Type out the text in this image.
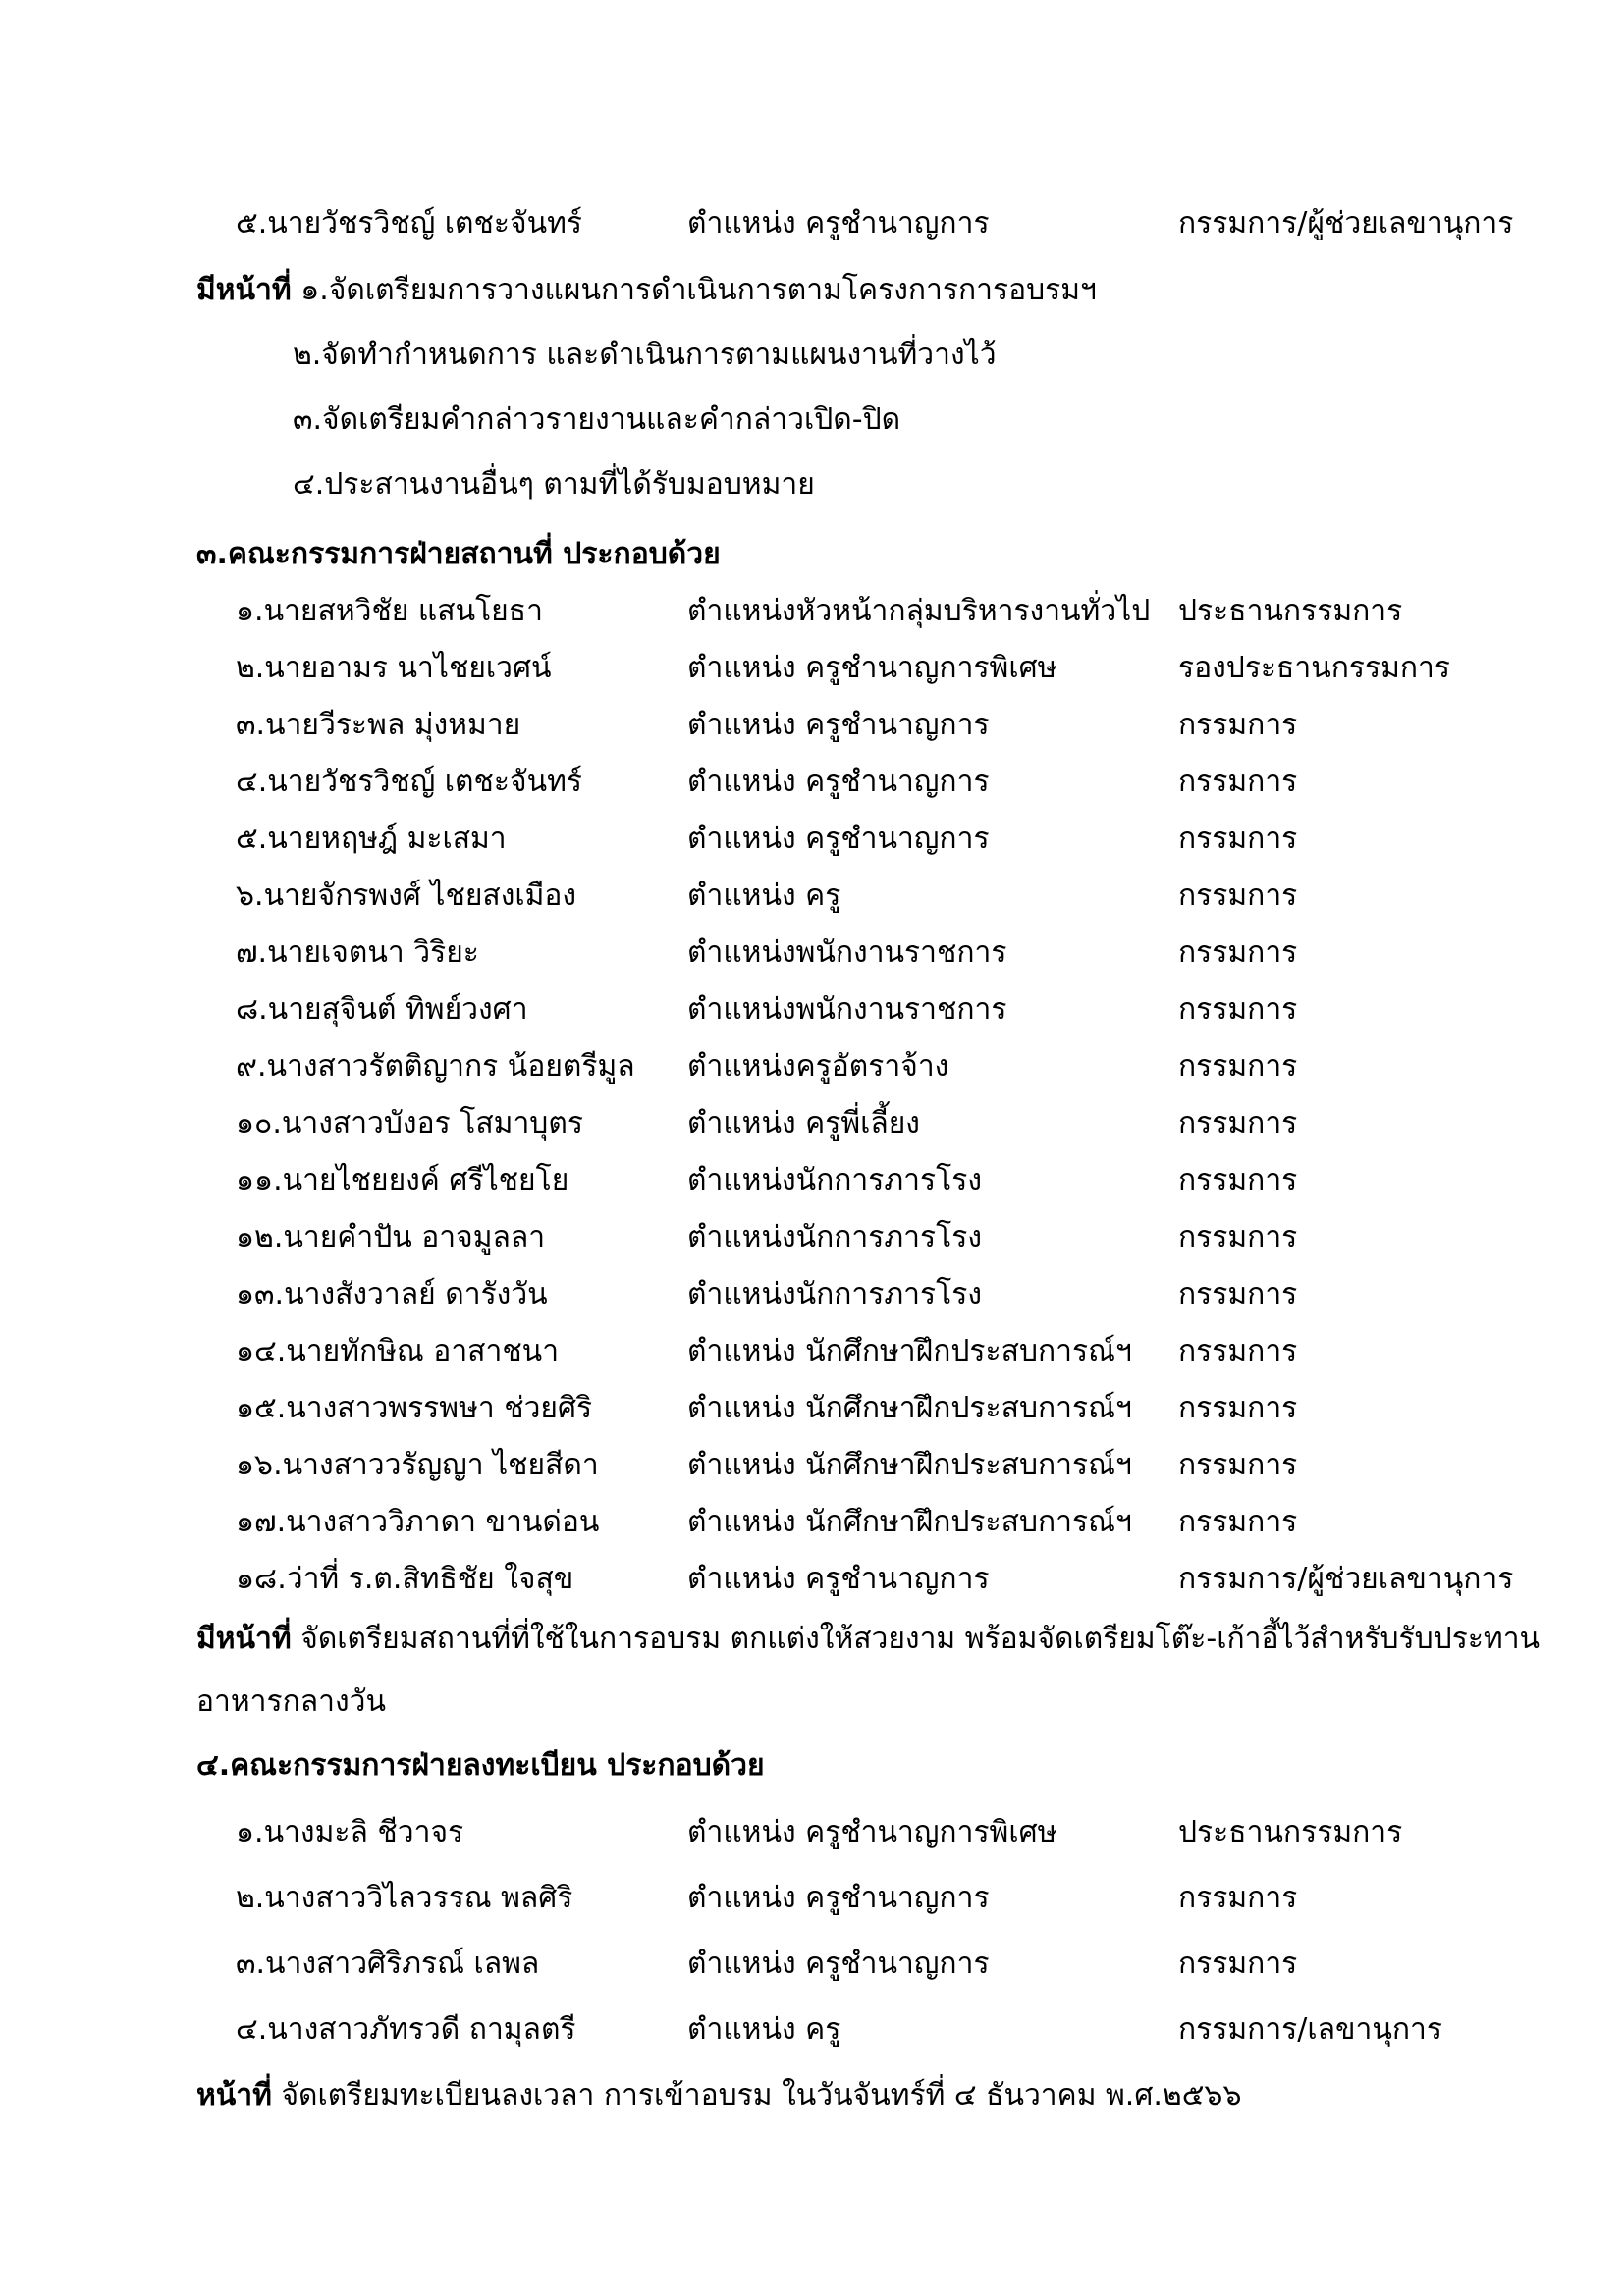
๕.นายวัชรวิชญ์ เตชะจันทร์	ตำแหน่ง ครูชำนาญการ	กรรมการ/ผู้ช่วยเลขานุการ
มีหน้าที่ ๑.จัดเตรียมการวางแผนการดำเนินการตามโครงการการอบรมฯ
๒.จัดทำกำหนดการ และดำเนินการตามแผนงานที่วางไว้
๓.จัดเตรียมคำกล่าวรายงานและคำกล่าวเปิด-ปิด
๔.ประสานงานอื่นๆ ตามที่ได้รับมอบหมาย
๓.คณะกรรมการฝ่ายสถานที่ ประกอบด้วย
๑.นายสหวิชัย แสนโยธา	ตำแหน่งหัวหน้ากลุ่มบริหารงานทั่วไป ประธานกรรมการ
๒.นายอามร นาไชยเวศน์	ตำแหน่ง ครูชำนาญการพิเศษ	รองประธานกรรมการ
๓.นายวีระพล มุ่งหมาย	ตำแหน่ง ครูชำนาญการ	กรรมการ
๔.นายวัชรวิชญ์ เตชะจันทร์	ตำแหน่ง ครูชำนาญการ	กรรมการ
๕.นายหฤษฎ์ มะเสมา	ตำแหน่ง ครูชำนาญการ	กรรมการ
๖.นายจักรพงศ์ ไชยสงเมือง	ตำแหน่ง ครู	กรรมการ
๗.นายเจตนา วิริยะ	ตำแหน่งพนักงานราชการ	กรรมการ
๘.นายสุจินต์ ทิพย์วงศา	ตำแหน่งพนักงานราชการ	กรรมการ
๙.นางสาวรัตติญากร น้อยตรีมูล ตำแหน่งครูอัตราจ้าง	กรรมการ
๑๐.นางสาวบังอร โสมาบุตร	ตำแหน่ง ครูพี่เลี้ยง	กรรมการ
๑๑.นายไชยยงค์ ศรีไชยโย	ตำแหน่งนักการภารโรง	กรรมการ
๑๒.นายคำปัน อาจมูลลา	ตำแหน่งนักการภารโรง	กรรมการ
๑๓.นางสังวาลย์ ดารังวัน	ตำแหน่งนักการภารโรง	กรรมการ
๑๔.นายทักษิณ อาสาชนา	ตำแหน่ง นักศึกษาฝึกประสบการณ์ฯ กรรมการ
๑๕.นางสาวพรรพษา ช่วยศิริ	ตำแหน่ง นักศึกษาฝึกประสบการณ์ฯ กรรมการ
๑๖.นางสาววรัญญา ไชยสีดา	ตำแหน่ง นักศึกษาฝึกประสบการณ์ฯ กรรมการ
๑๗.นางสาววิภาดา ขานด่อน	ตำแหน่ง นักศึกษาฝึกประสบการณ์ฯ กรรมการ
๑๘.ว่าที่ ร.ต.สิทธิชัย ใจสุข	ตำแหน่ง ครูชำนาญการ	กรรมการ/ผู้ช่วยเลขานุการ
มีหน้าที่ จัดเตรียมสถานที่ที่ใช้ในการอบรม ตกแต่งให้สวยงาม พร้อมจัดเตรียมโต๊ะ-เก้าอี้ไว้สำหรับรับประทาน
อาหารกลางวัน
๔.คณะกรรมการฝ่ายลงทะเบียน ประกอบด้วย
๑.นางมะลิ ชีวาจร	ตำแหน่ง ครูชำนาญการพิเศษ	ประธานกรรมการ
๒.นางสาววิไลวรรณ พลศิริ	ตำแหน่ง ครูชำนาญการ	กรรมการ
๓.นางสาวศิริภรณ์ เลพล	ตำแหน่ง ครูชำนาญการ	กรรมการ
๔.นางสาวภัทรวดี ถามุลตรี	ตำแหน่ง ครู	กรรมการ/เลขานุการ
หน้าที่ จัดเตรียมทะเบียนลงเวลา การเข้าอบรม ในวันจันทร์ที่ ๔ ธันวาคม พ.ศ.๒๕๖๖
